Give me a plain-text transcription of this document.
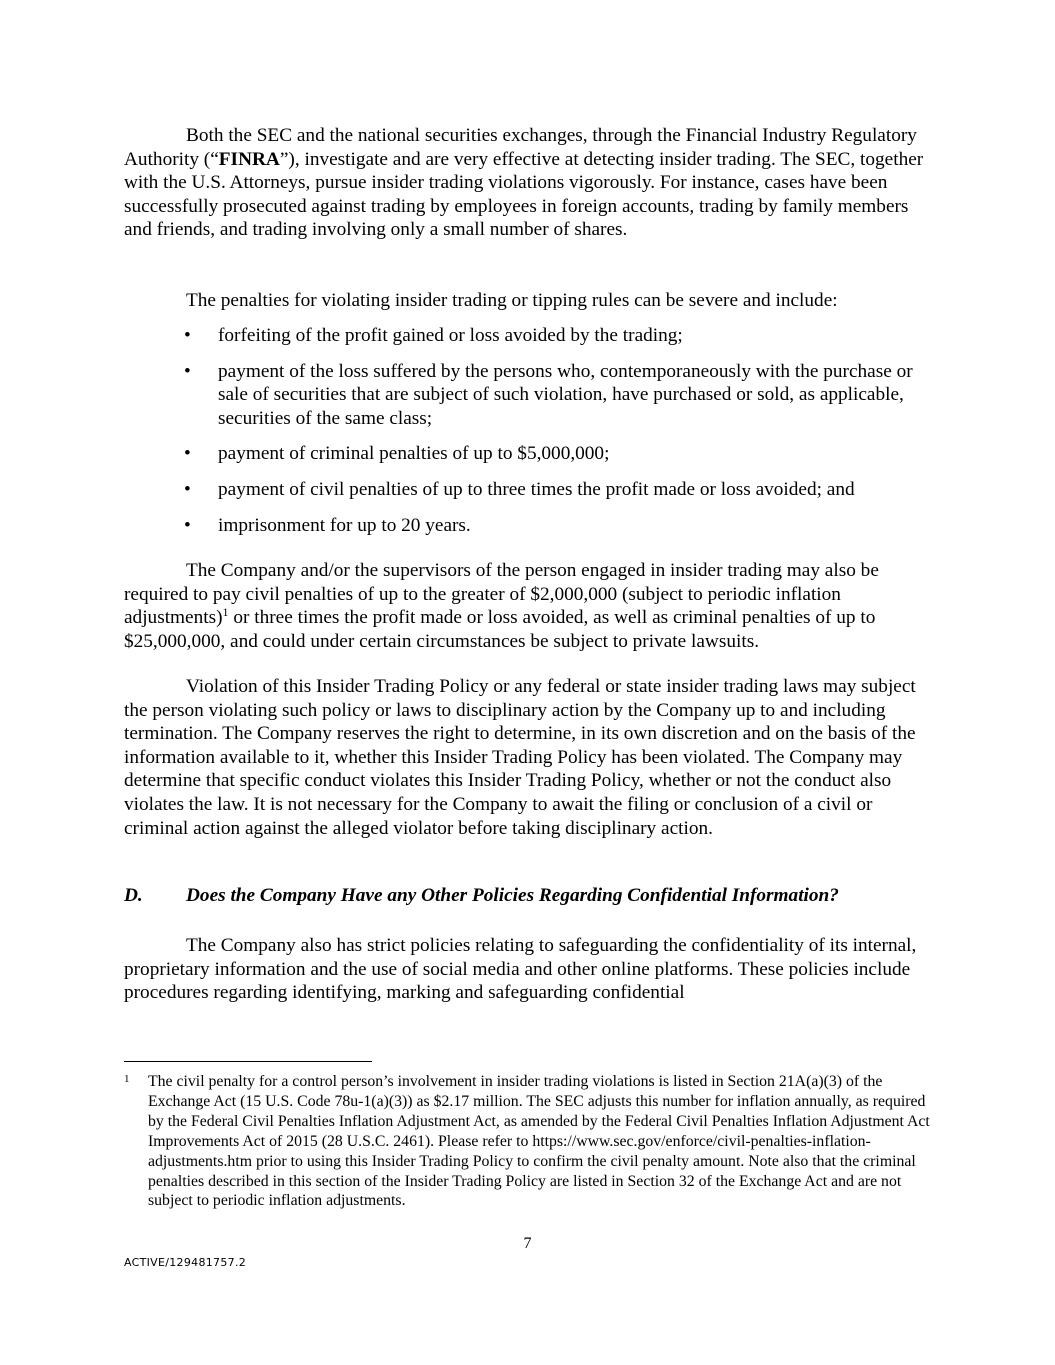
Both the SEC and the national securities exchanges, through the Financial Industry Regulatory Authority (“FINRA”), investigate and are very effective at detecting insider trading. The SEC, together with the U.S. Attorneys, pursue insider trading violations vigorously. For instance, cases have been successfully prosecuted against trading by employees in foreign accounts, trading by family members and friends, and trading involving only a small number of shares.

The penalties for violating insider trading or tipping rules can be severe and include:

• forfeiting of the profit gained or loss avoided by the trading;
• payment of the loss suffered by the persons who, contemporaneously with the purchase or sale of securities that are subject of such violation, have purchased or sold, as applicable, securities of the same class;
• payment of criminal penalties of up to $5,000,000;
• payment of civil penalties of up to three times the profit made or loss avoided; and
• imprisonment for up to 20 years.

The Company and/or the supervisors of the person engaged in insider trading may also be required to pay civil penalties of up to the greater of $2,000,000 (subject to periodic inflation adjustments)$^1$ or three times the profit made or loss avoided, as well as criminal penalties of up to $25,000,000, and could under certain circumstances be subject to private lawsuits.

Violation of this Insider Trading Policy or any federal or state insider trading laws may subject the person violating such policy or laws to disciplinary action by the Company up to and including termination. The Company reserves the right to determine, in its own discretion and on the basis of the information available to it, whether this Insider Trading Policy has been violated. The Company may determine that specific conduct violates this Insider Trading Policy, whether or not the conduct also violates the law. It is not necessary for the Company to await the filing or conclusion of a civil or criminal action against the alleged violator before taking disciplinary action.

D. Does the Company Have any Other Policies Regarding Confidential Information?

The Company also has strict policies relating to safeguarding the confidentiality of its internal, proprietary information and the use of social media and other online platforms. These policies include procedures regarding identifying, marking and safeguarding confidential

1	The civil penalty for a control person’s involvement in insider trading violations is listed in Section 21A(a)(3) of the Exchange Act (15 U.S. Code 78u-1(a)(3)) as $2.17 million. The SEC adjusts this number for inflation annually, as required by the Federal Civil Penalties Inflation Adjustment Act, as amended by the Federal Civil Penalties Inflation Adjustment Act Improvements Act of 2015 (28 U.S.C. 2461). Please refer to https://www.sec.gov/enforce/civil-penalties-inflation-adjustments.htm prior to using this Insider Trading Policy to confirm the civil penalty amount. Note also that the criminal penalties described in this section of the Insider Trading Policy are listed in Section 32 of the Exchange Act and are not subject to periodic inflation adjustments.

7
ACTIVE/129481757.2
